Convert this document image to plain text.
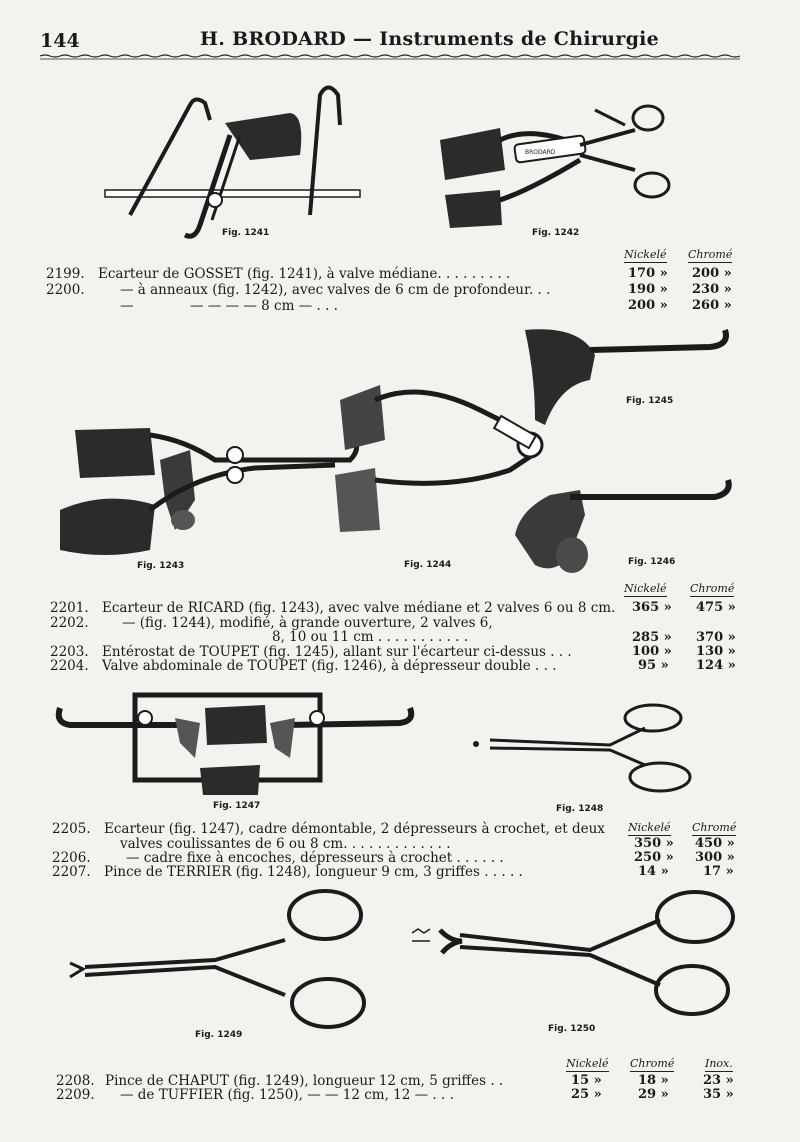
144	H. BRODARD — Instruments de Chirurgie
Fig. 1241
BRODARD
Fig. 1242
Nickelé Chromé
2199. Ecarteur de GOSSET (fig. 1241), à valve médiane. . . . . . . . .	170 » 200 »
2200.	— à anneaux (fig. 1242), avec valves de 6 cm de profondeur. . .	190 » 230 »
—	— — — — 8 cm — . . .	200 » 260 »
Fig. 1243	Fig. 1244
Fig. 1245
Fig. 1246
Nickelé Chromé
2201. Ecarteur de RICARD (fig. 1243), avec valve médiane et 2 valves 6 ou 8 cm. 365 » 475 »
2202. — (fig. 1244), modifié, à grande ouverture, 2 valves 6,
8, 10 ou 11 cm . . . . . . . . . . .	285 » 370 »
2203. Entérostat de TOUPET (fig. 1245), allant sur l'écarteur ci-dessus . . .	100 » 130 »
2204. Valve abdominale de TOUPET (fig. 1246), à dépresseur double . . .	95 » 124 »
Fig. 1247	Fig. 1248
Nickelé Chromé
2205. Ecarteur (fig. 1247), cadre démontable, 2 dépresseurs à crochet, et deux
valves coulissantes de 6 ou 8 cm. . . . . . . . . . . . .	350 » 450 »
2206.	— cadre fixe à encoches, dépresseurs à crochet . . . . . .	250 » 300 »
2207. Pince de TERRIER (fig. 1248), longueur 9 cm, 3 griffes . . . . .	14 »	17 »
Fig. 1249
Fig. 1250
Nickelé Chromé	Inox.
2208. Pince de CHAPUT (fig. 1249), longueur 12 cm, 5 griffes . .	15 »	18 »	23 »
2209. — de TUFFIER (fig. 1250), — — 12 cm, 12 — . . .	25 »	29 »	35 »
